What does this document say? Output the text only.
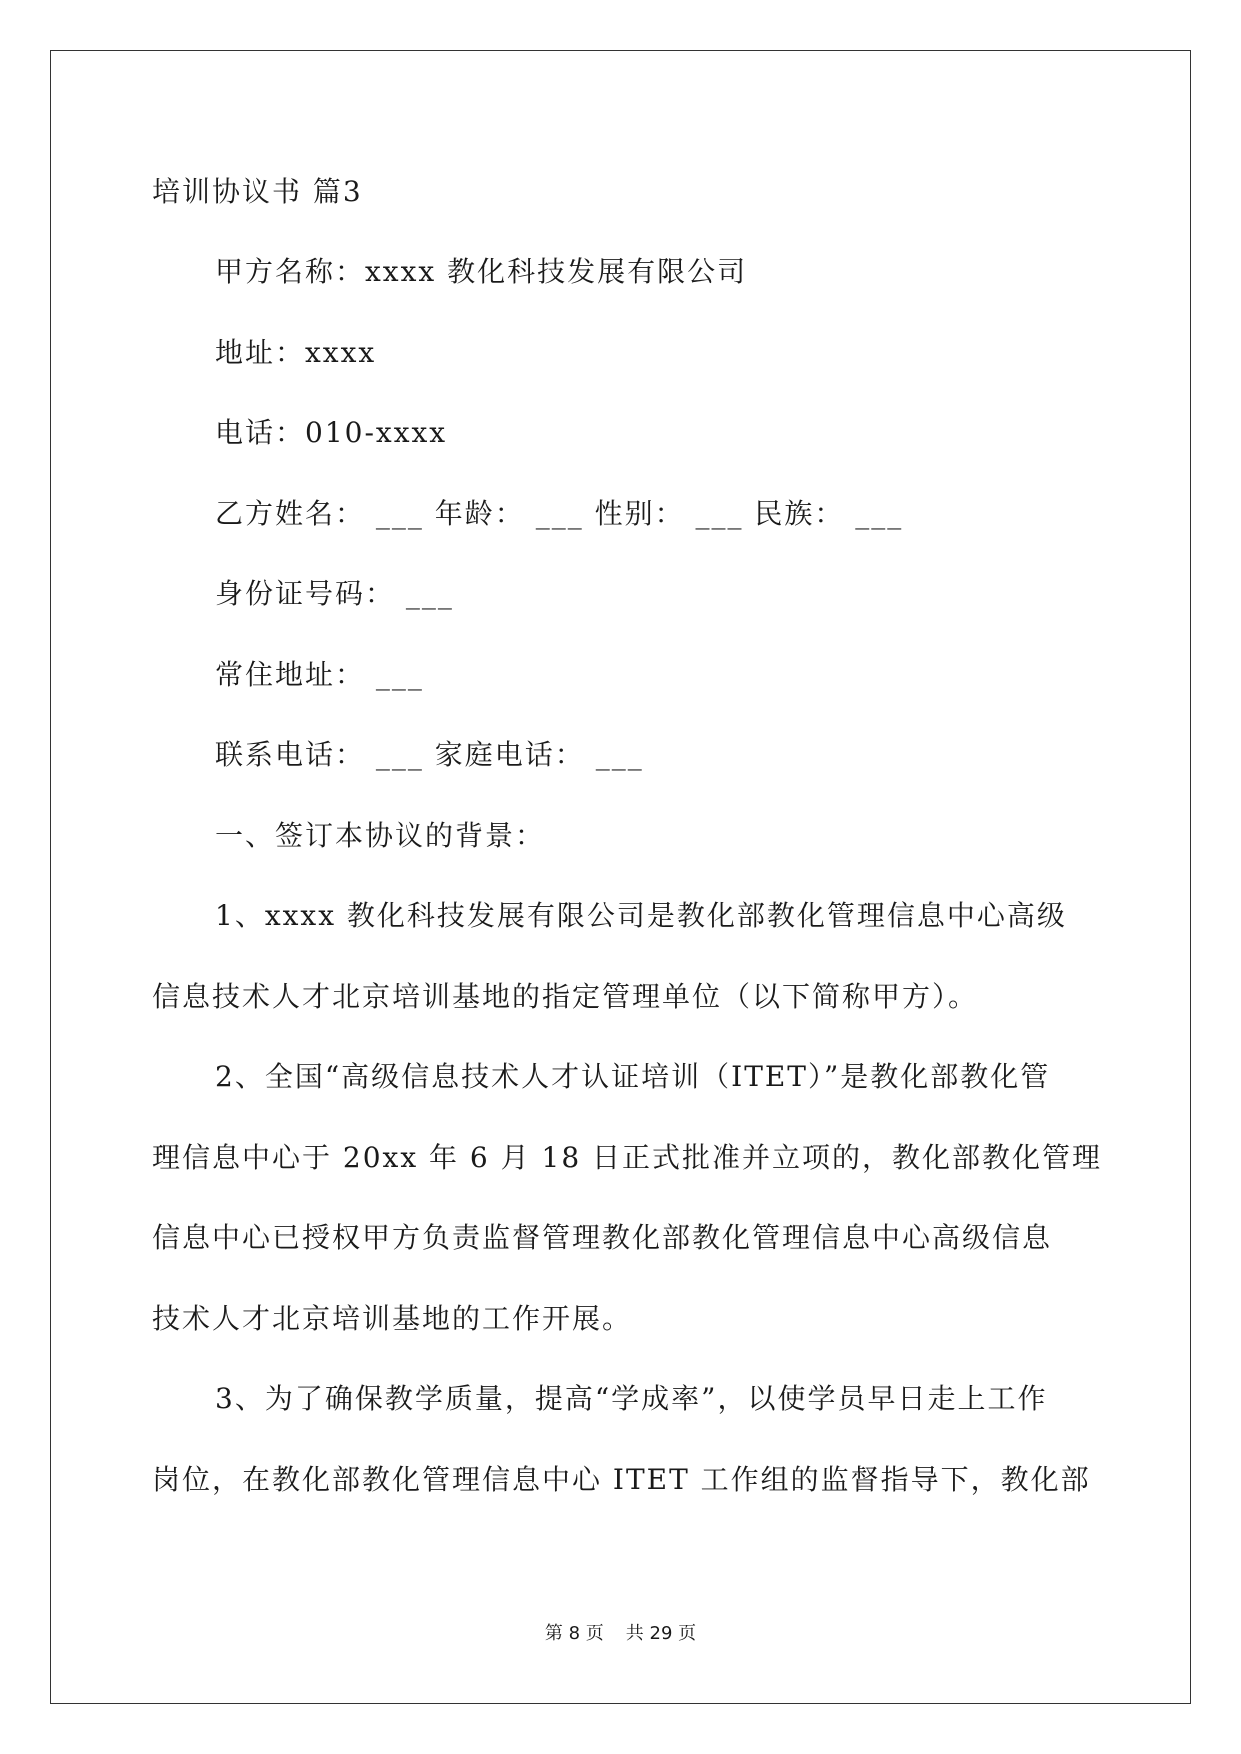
培训协议书 篇3
甲方名称：xxxx 教化科技发展有限公司
地址：xxxx
电话：010-xxxx
乙方姓名： ___ 年龄： ___ 性别： ___ 民族： ___
身份证号码： ___
常住地址： ___
联系电话： ___ 家庭电话： ___
一、签订本协议的背景：
1、xxxx 教化科技发展有限公司是教化部教化管理信息中心高级
信息技术人才北京培训基地的指定管理单位（以下简称甲方）。
2、全国“高级信息技术人才认证培训（ITET）”是教化部教化管
理信息中心于 20xx 年 6 月 18 日正式批准并立项的，教化部教化管理
信息中心已授权甲方负责监督管理教化部教化管理信息中心高级信息
技术人才北京培训基地的工作开展。
3、为了确保教学质量，提高“学成率”，以使学员早日走上工作
岗位，在教化部教化管理信息中心 ITET 工作组的监督指导下，教化部
第 8 页 共 29 页
